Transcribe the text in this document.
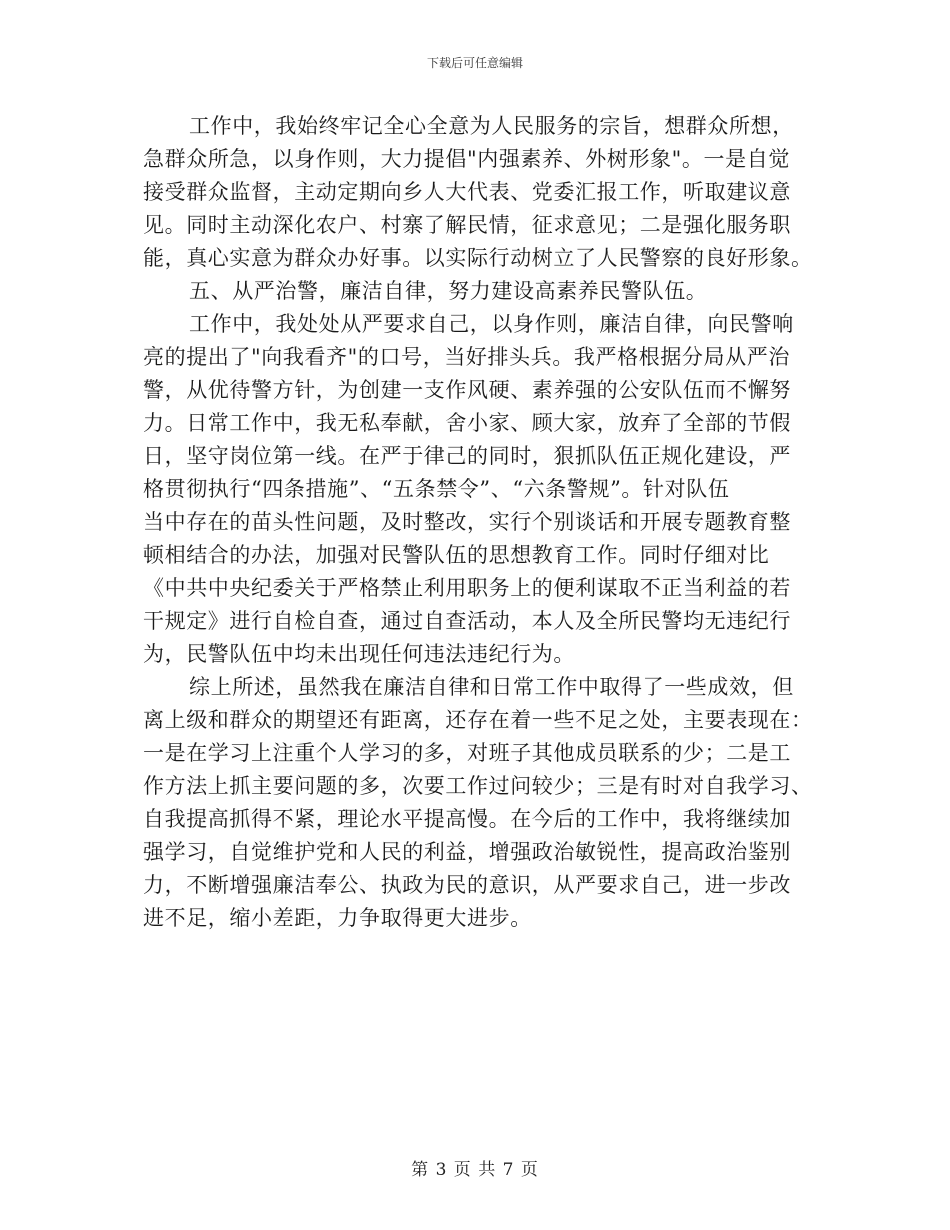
下载后可任意编辑
工作中，我始终牢记全心全意为人民服务的宗旨，想群众所想，
急群众所急，以身作则，大力提倡"内强素养、外树形象"。一是自觉
接受群众监督，主动定期向乡人大代表、党委汇报工作，听取建议意
见。同时主动深化农户、村寨了解民情，征求意见；二是强化服务职
能，真心实意为群众办好事。以实际行动树立了人民警察的良好形象。
五、从严治警，廉洁自律，努力建设高素养民警队伍。
工作中，我处处从严要求自己，以身作则，廉洁自律，向民警响
亮的提出了"向我看齐"的口号，当好排头兵。我严格根据分局从严治
警，从优待警方针，为创建一支作风硬、素养强的公安队伍而不懈努
力。日常工作中，我无私奉献，舍小家、顾大家，放弃了全部的节假
日，坚守岗位第一线。在严于律己的同时，狠抓队伍正规化建设，严
格贯彻执行“四条措施”、“五条禁令”、“六条警规”。针对队伍
当中存在的苗头性问题，及时整改，实行个别谈话和开展专题教育整
顿相结合的办法，加强对民警队伍的思想教育工作。同时仔细对比
《中共中央纪委关于严格禁止利用职务上的便利谋取不正当利益的若
干规定》进行自检自查，通过自查活动，本人及全所民警均无违纪行
为，民警队伍中均未出现任何违法违纪行为。
综上所述，虽然我在廉洁自律和日常工作中取得了一些成效，但
离上级和群众的期望还有距离，还存在着一些不足之处，主要表现在：
一是在学习上注重个人学习的多，对班子其他成员联系的少；二是工
作方法上抓主要问题的多，次要工作过问较少；三是有时对自我学习、
自我提高抓得不紧，理论水平提高慢。在今后的工作中，我将继续加
强学习，自觉维护党和人民的利益，增强政治敏锐性，提高政治鉴别
力，不断增强廉洁奉公、执政为民的意识，从严要求自己，进一步改
进不足，缩小差距，力争取得更大进步。
第 3 页 共 7 页
